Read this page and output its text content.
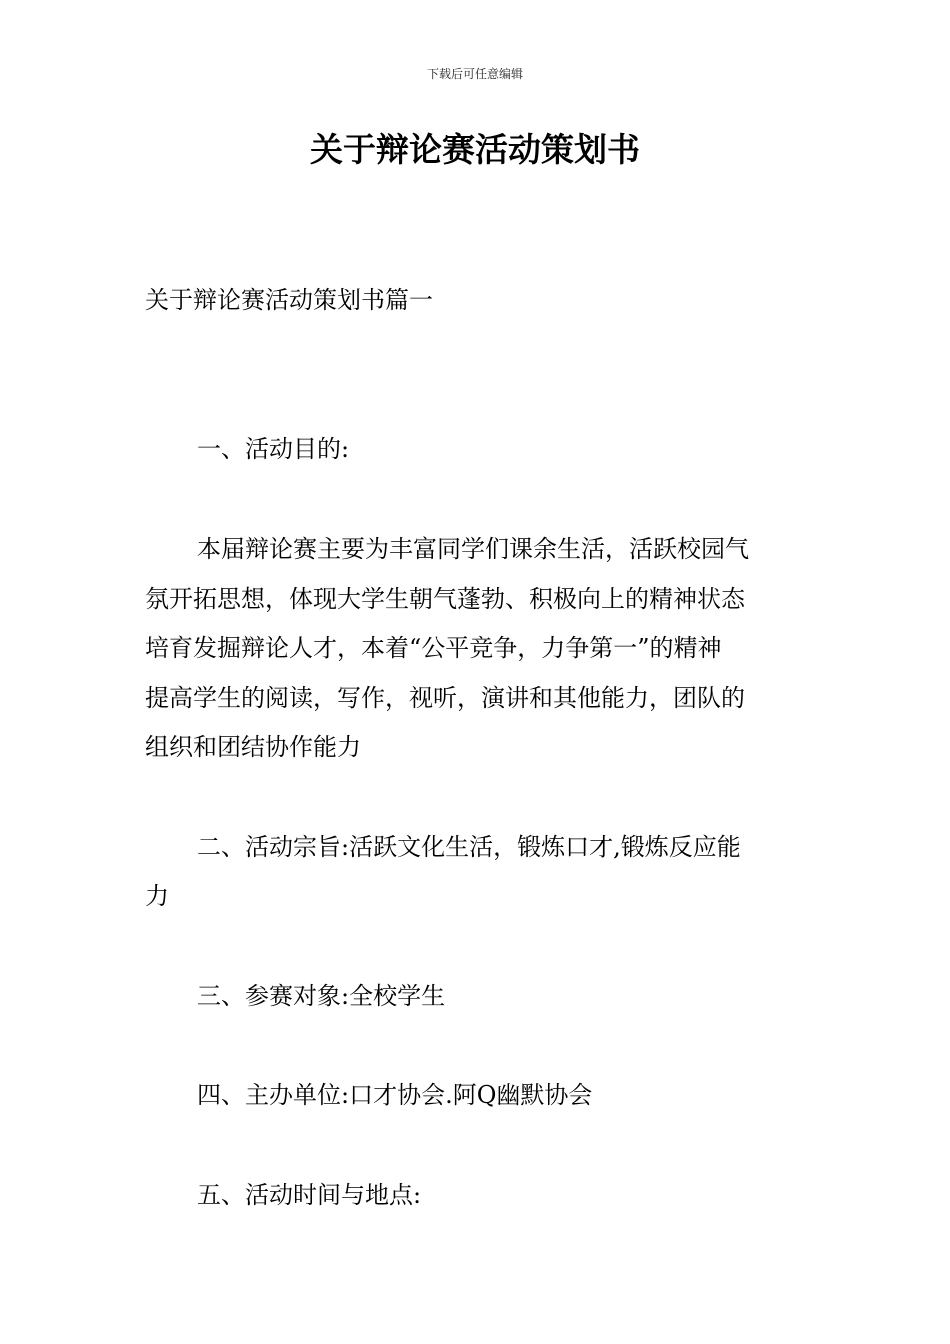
下载后可任意编辑
关于辩论赛活动策划书
关于辩论赛活动策划书篇一
一、活动目的:
本届辩论赛主要为丰富同学们课余生活，活跃校园气
氛开拓思想，体现大学生朝气蓬勃、积极向上的精神状态
培育发掘辩论人才，本着“公平竞争，力争第一”的精神
提高学生的阅读，写作，视听，演讲和其他能力，团队的
组织和团结协作能力
二、活动宗旨:活跃文化生活，锻炼口才,锻炼反应能
力
三、参赛对象:全校学生
四、主办单位:口才协会.阿Q幽默协会
五、活动时间与地点:
